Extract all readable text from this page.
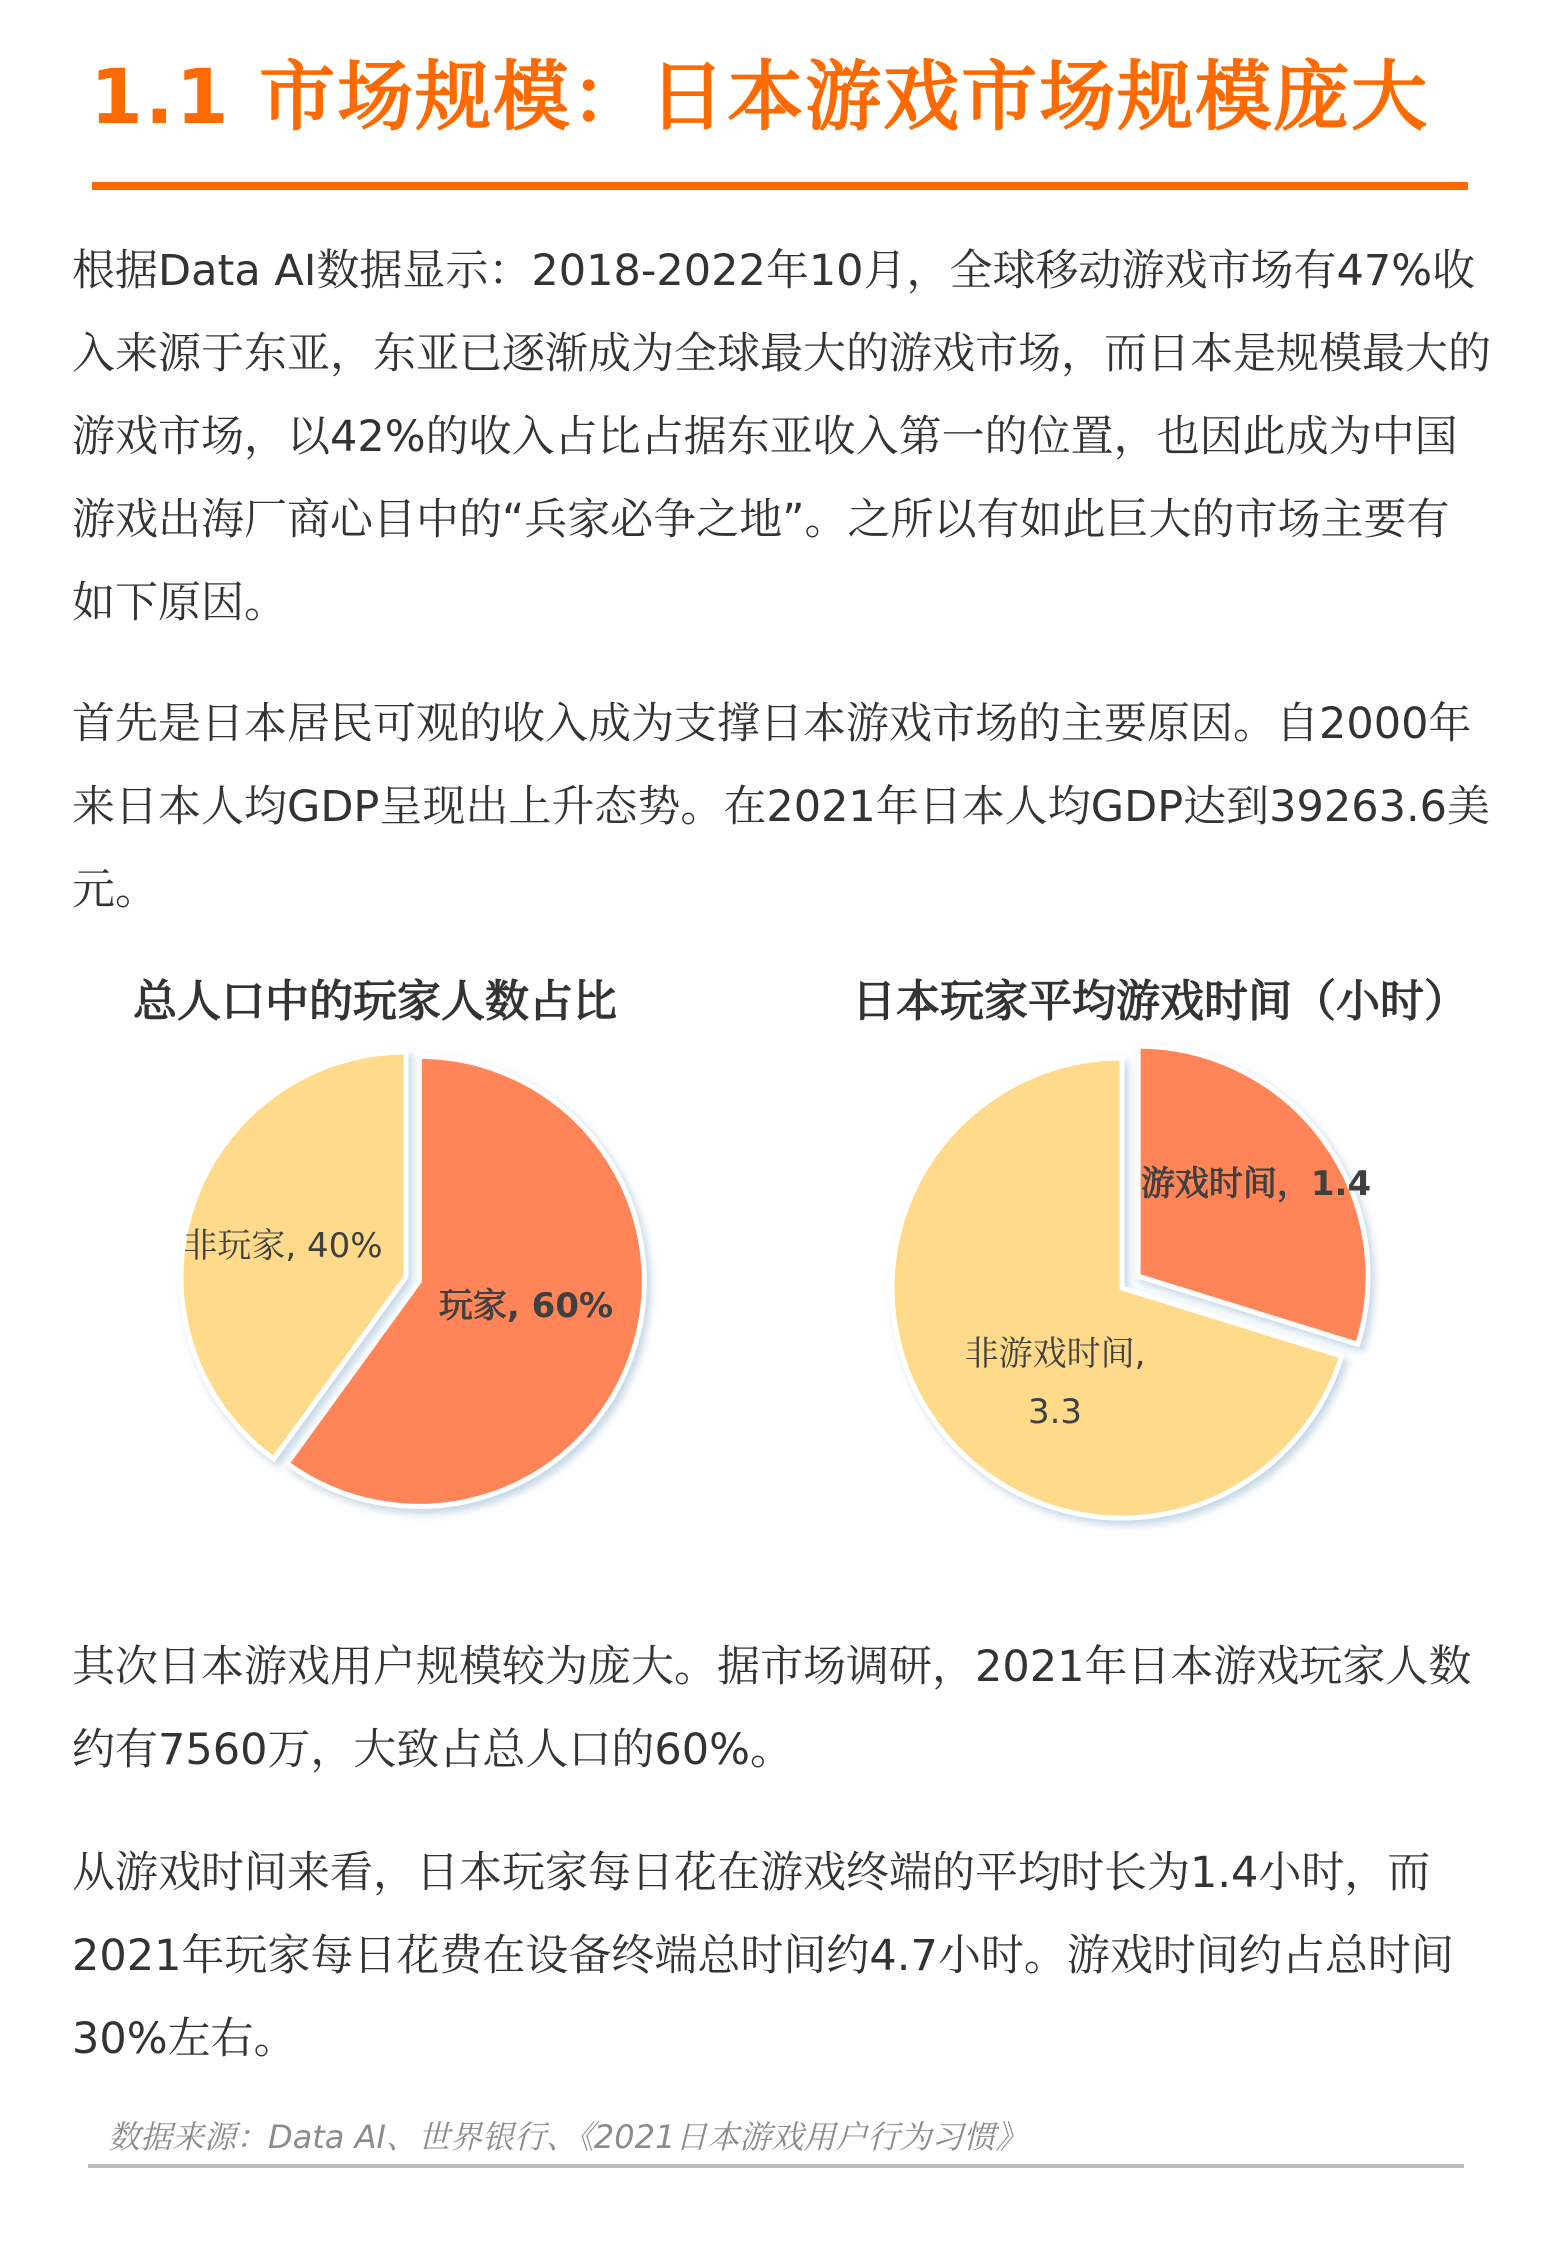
1.1 市场规模：日本游戏市场规模庞大

根据Data AI数据显示：2018-2022年10月，全球移动游戏市场有47%收入来源于东亚，东亚已逐渐成为全球最大的游戏市场，而日本是规模最大的游戏市场，以42%的收入占比占据东亚收入第一的位置，也因此成为中国游戏出海厂商心目中的“兵家必争之地”。之所以有如此巨大的市场主要有如下原因。

首先是日本居民可观的收入成为支撑日本游戏市场的主要原因。自2000年来日本人均GDP呈现出上升态势。在2021年日本人均GDP达到39263.6美元。

总人口中的玩家人数占比	日本玩家平均游戏时间（小时）
玩家, 60%
非玩家, 40%
游戏时间，1.4
非游戏时间,
3.3

其次日本游戏用户规模较为庞大。据市场调研，2021年日本游戏玩家人数约有7560万，大致占总人口的60%。

从游戏时间来看，日本玩家每日花在游戏终端的平均时长为1.4小时，而2021年玩家每日花费在设备终端总时间约4.7小时。游戏时间约占总时间30%左右。

数据来源：Data AI、世界银行、《2021日本游戏用户行为习惯》
